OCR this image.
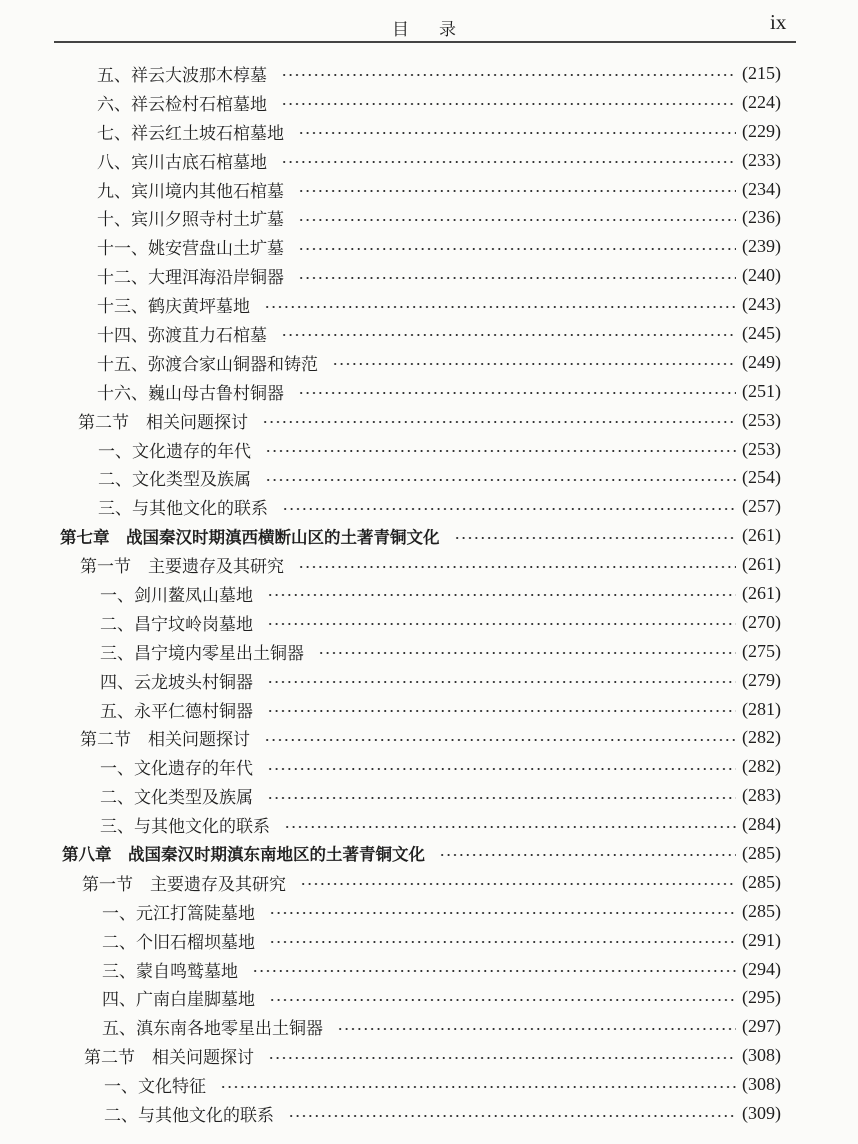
目录	ix
五、祥云大波那木椁墓	(215)
六、祥云检村石棺墓地	(224)
七、祥云红土坡石棺墓地	(229)
八、宾川古底石棺墓地	(233)
九、宾川境内其他石棺墓	(234)
十、宾川夕照寺村土圹墓	(236)
十一、姚安营盘山土圹墓	(239)
十二、大理洱海沿岸铜器	(240)
十三、鹤庆黄坪墓地	(243)
十四、弥渡苴力石棺墓	(245)
十五、弥渡合家山铜器和铸范	(249)
十六、巍山母古鲁村铜器	(251)
第二节　相关问题探讨	(253)
一、文化遗存的年代	(253)
二、文化类型及族属	(254)
三、与其他文化的联系	(257)
第七章　战国秦汉时期滇西横断山区的土著青铜文化	(261)
第一节　主要遗存及其研究	(261)
一、剑川鳌凤山墓地	(261)
二、昌宁坟岭岗墓地	(270)
三、昌宁境内零星出土铜器	(275)
四、云龙坡头村铜器	(279)
五、永平仁德村铜器	(281)
第二节　相关问题探讨	(282)
一、文化遗存的年代	(282)
二、文化类型及族属	(283)
三、与其他文化的联系	(284)
第八章　战国秦汉时期滇东南地区的土著青铜文化	(285)
第一节　主要遗存及其研究	(285)
一、元江打篙陡墓地	(285)
二、个旧石榴坝墓地	(291)
三、蒙自鸣鹫墓地	(294)
四、广南白崖脚墓地	(295)
五、滇东南各地零星出土铜器	(297)
第二节　相关问题探讨	(308)
一、文化特征	(308)
二、与其他文化的联系	(309)
